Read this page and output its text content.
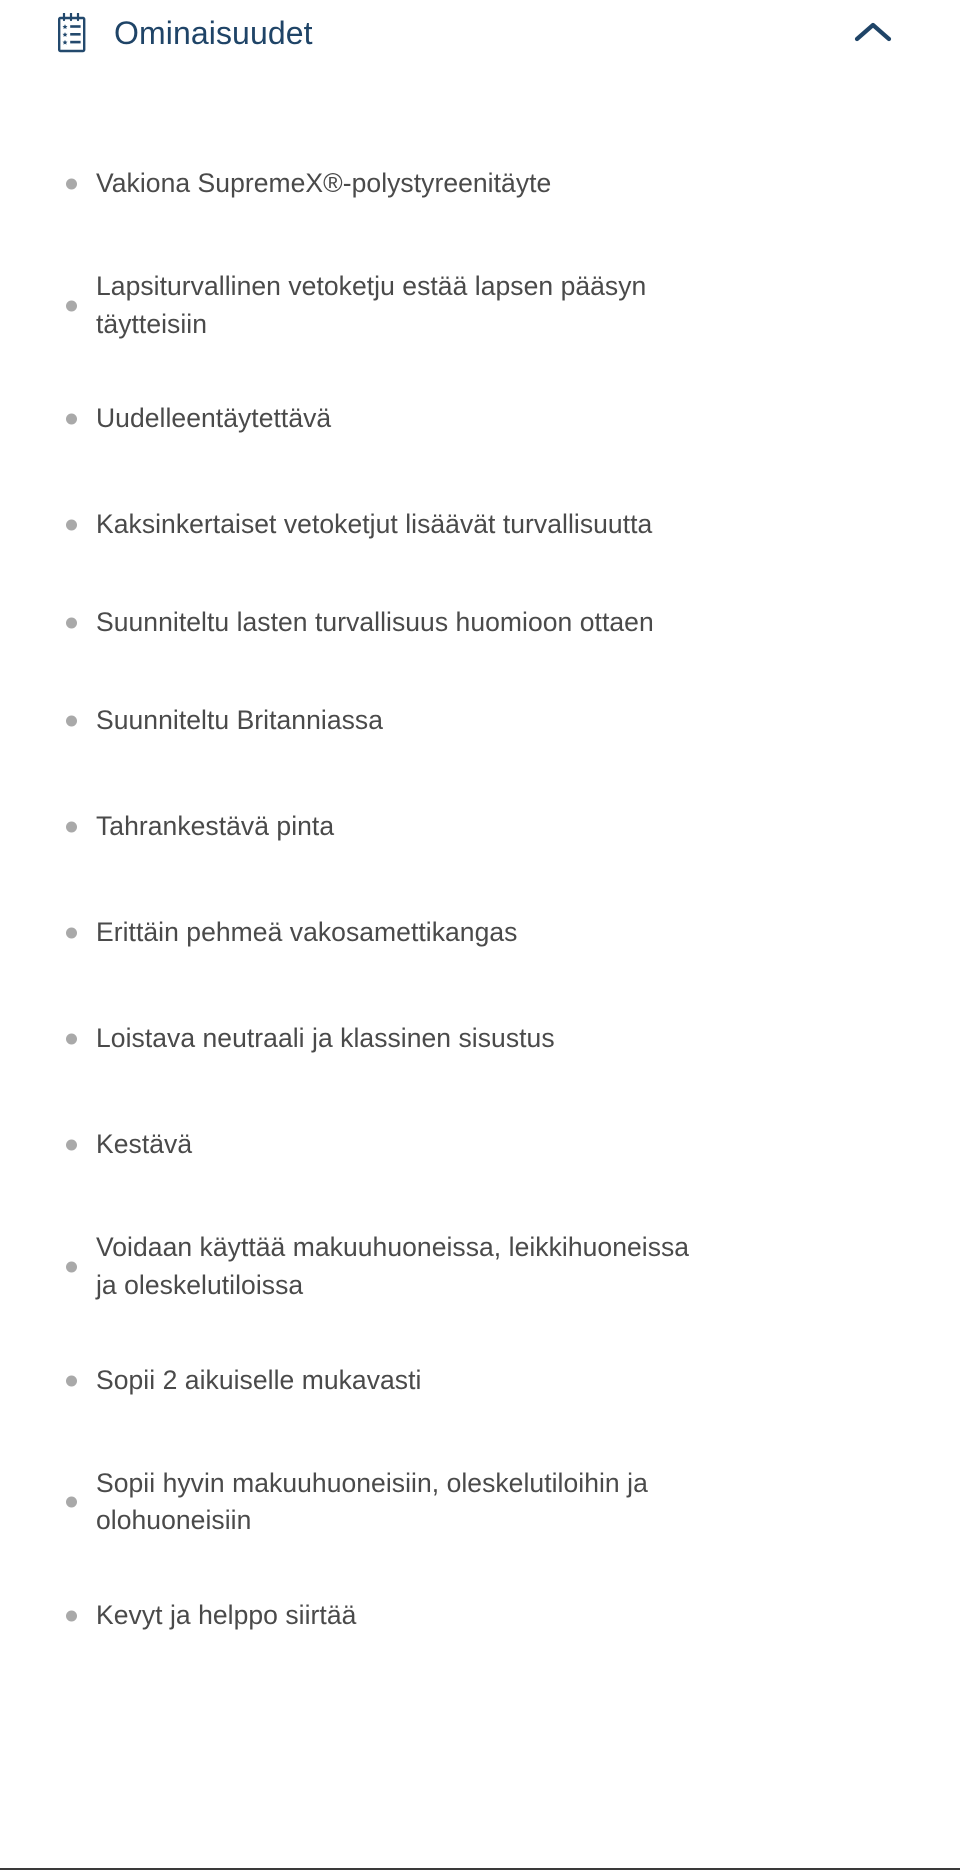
Ominaisuudet
Vakiona SupremeX®-polystyreenitäyte
Lapsiturvallinen vetoketju estää lapsen pääsyn täytteisiin
Uudelleentäytettävä
Kaksinkertaiset vetoketjut lisäävät turvallisuutta
Suunniteltu lasten turvallisuus huomioon ottaen
Suunniteltu Britanniassa
Tahrankestävä pinta
Erittäin pehmeä vakosamettikangas
Loistava neutraali ja klassinen sisustus
Kestävä
Voidaan käyttää makuuhuoneissa, leikkihuoneissa ja oleskelutiloissa
Sopii 2 aikuiselle mukavasti
Sopii hyvin makuuhuoneisiin, oleskelutiloihin ja olohuoneisiin
Kevyt ja helppo siirtää
